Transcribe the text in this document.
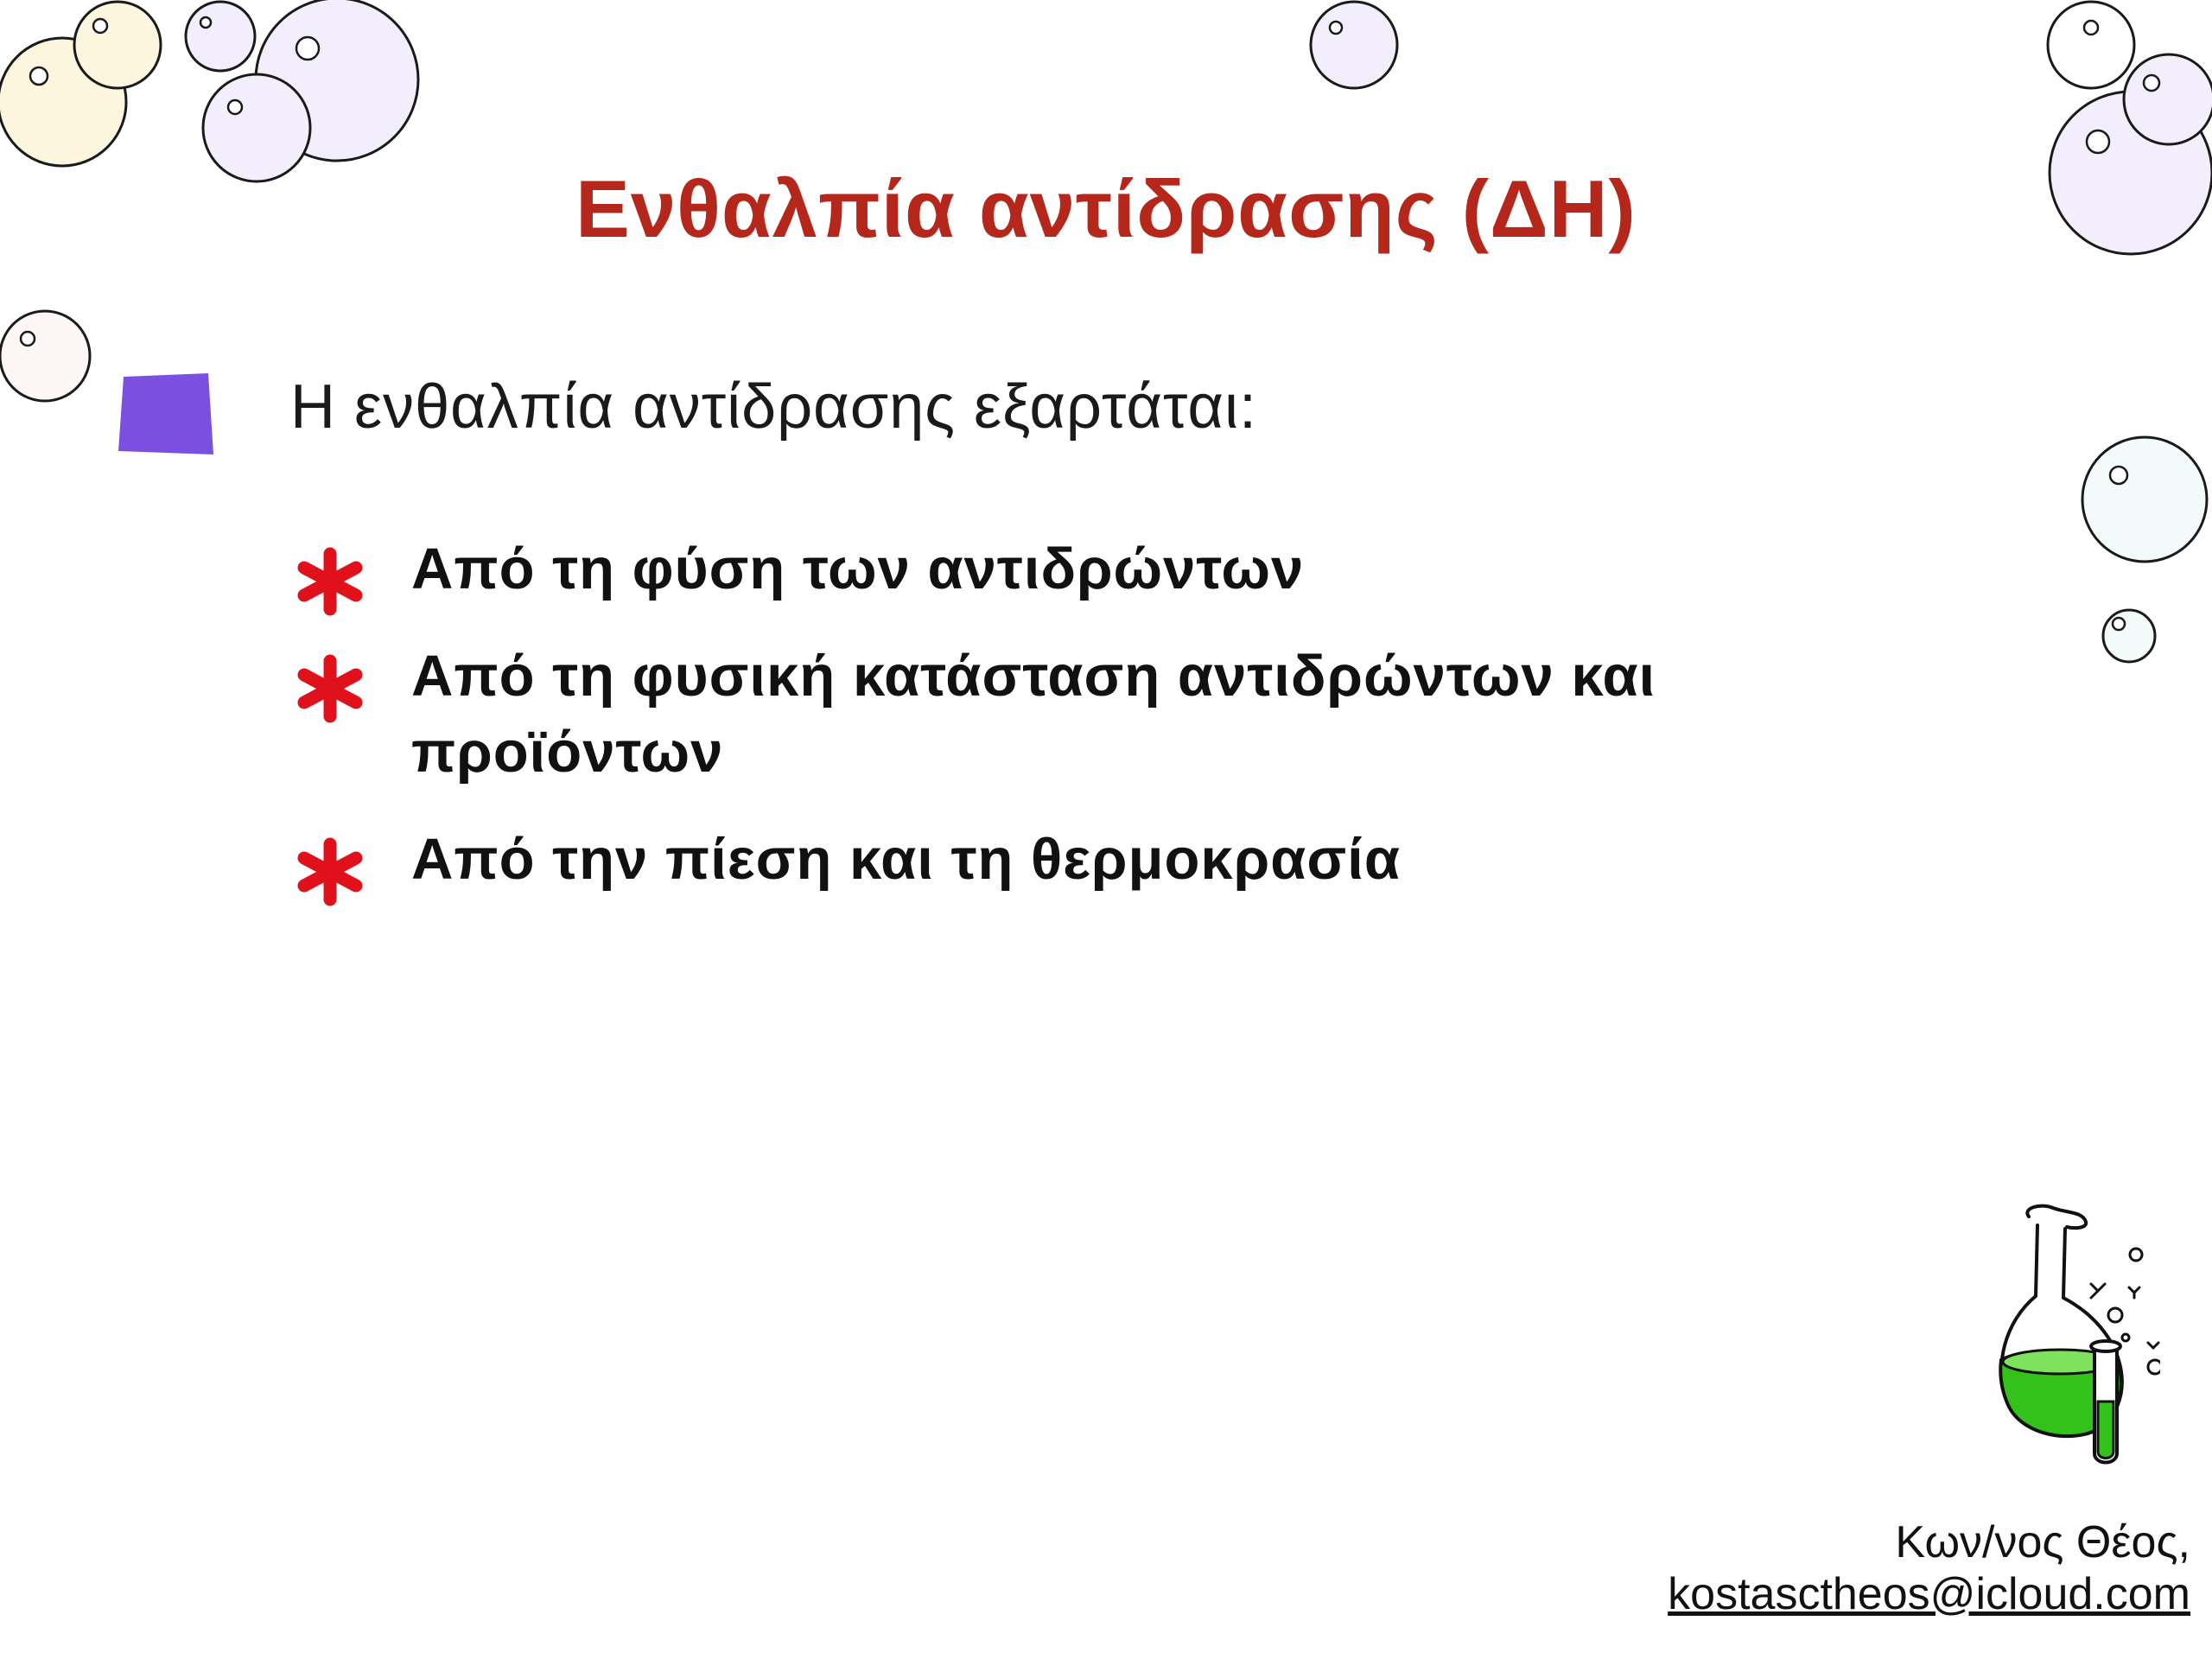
Ενθαλπία αντίδρασης (ΔΗ)
Η ενθαλπία αντίδρασης εξαρτάται:
Από τη φύση των αντιδρώντων
Από τη φυσική κατάσταση αντιδρώντων και προϊόντων
Από την πίεση και τη θερμοκρασία
Κων/νος Θέος,
kostasctheos@icloud.com
